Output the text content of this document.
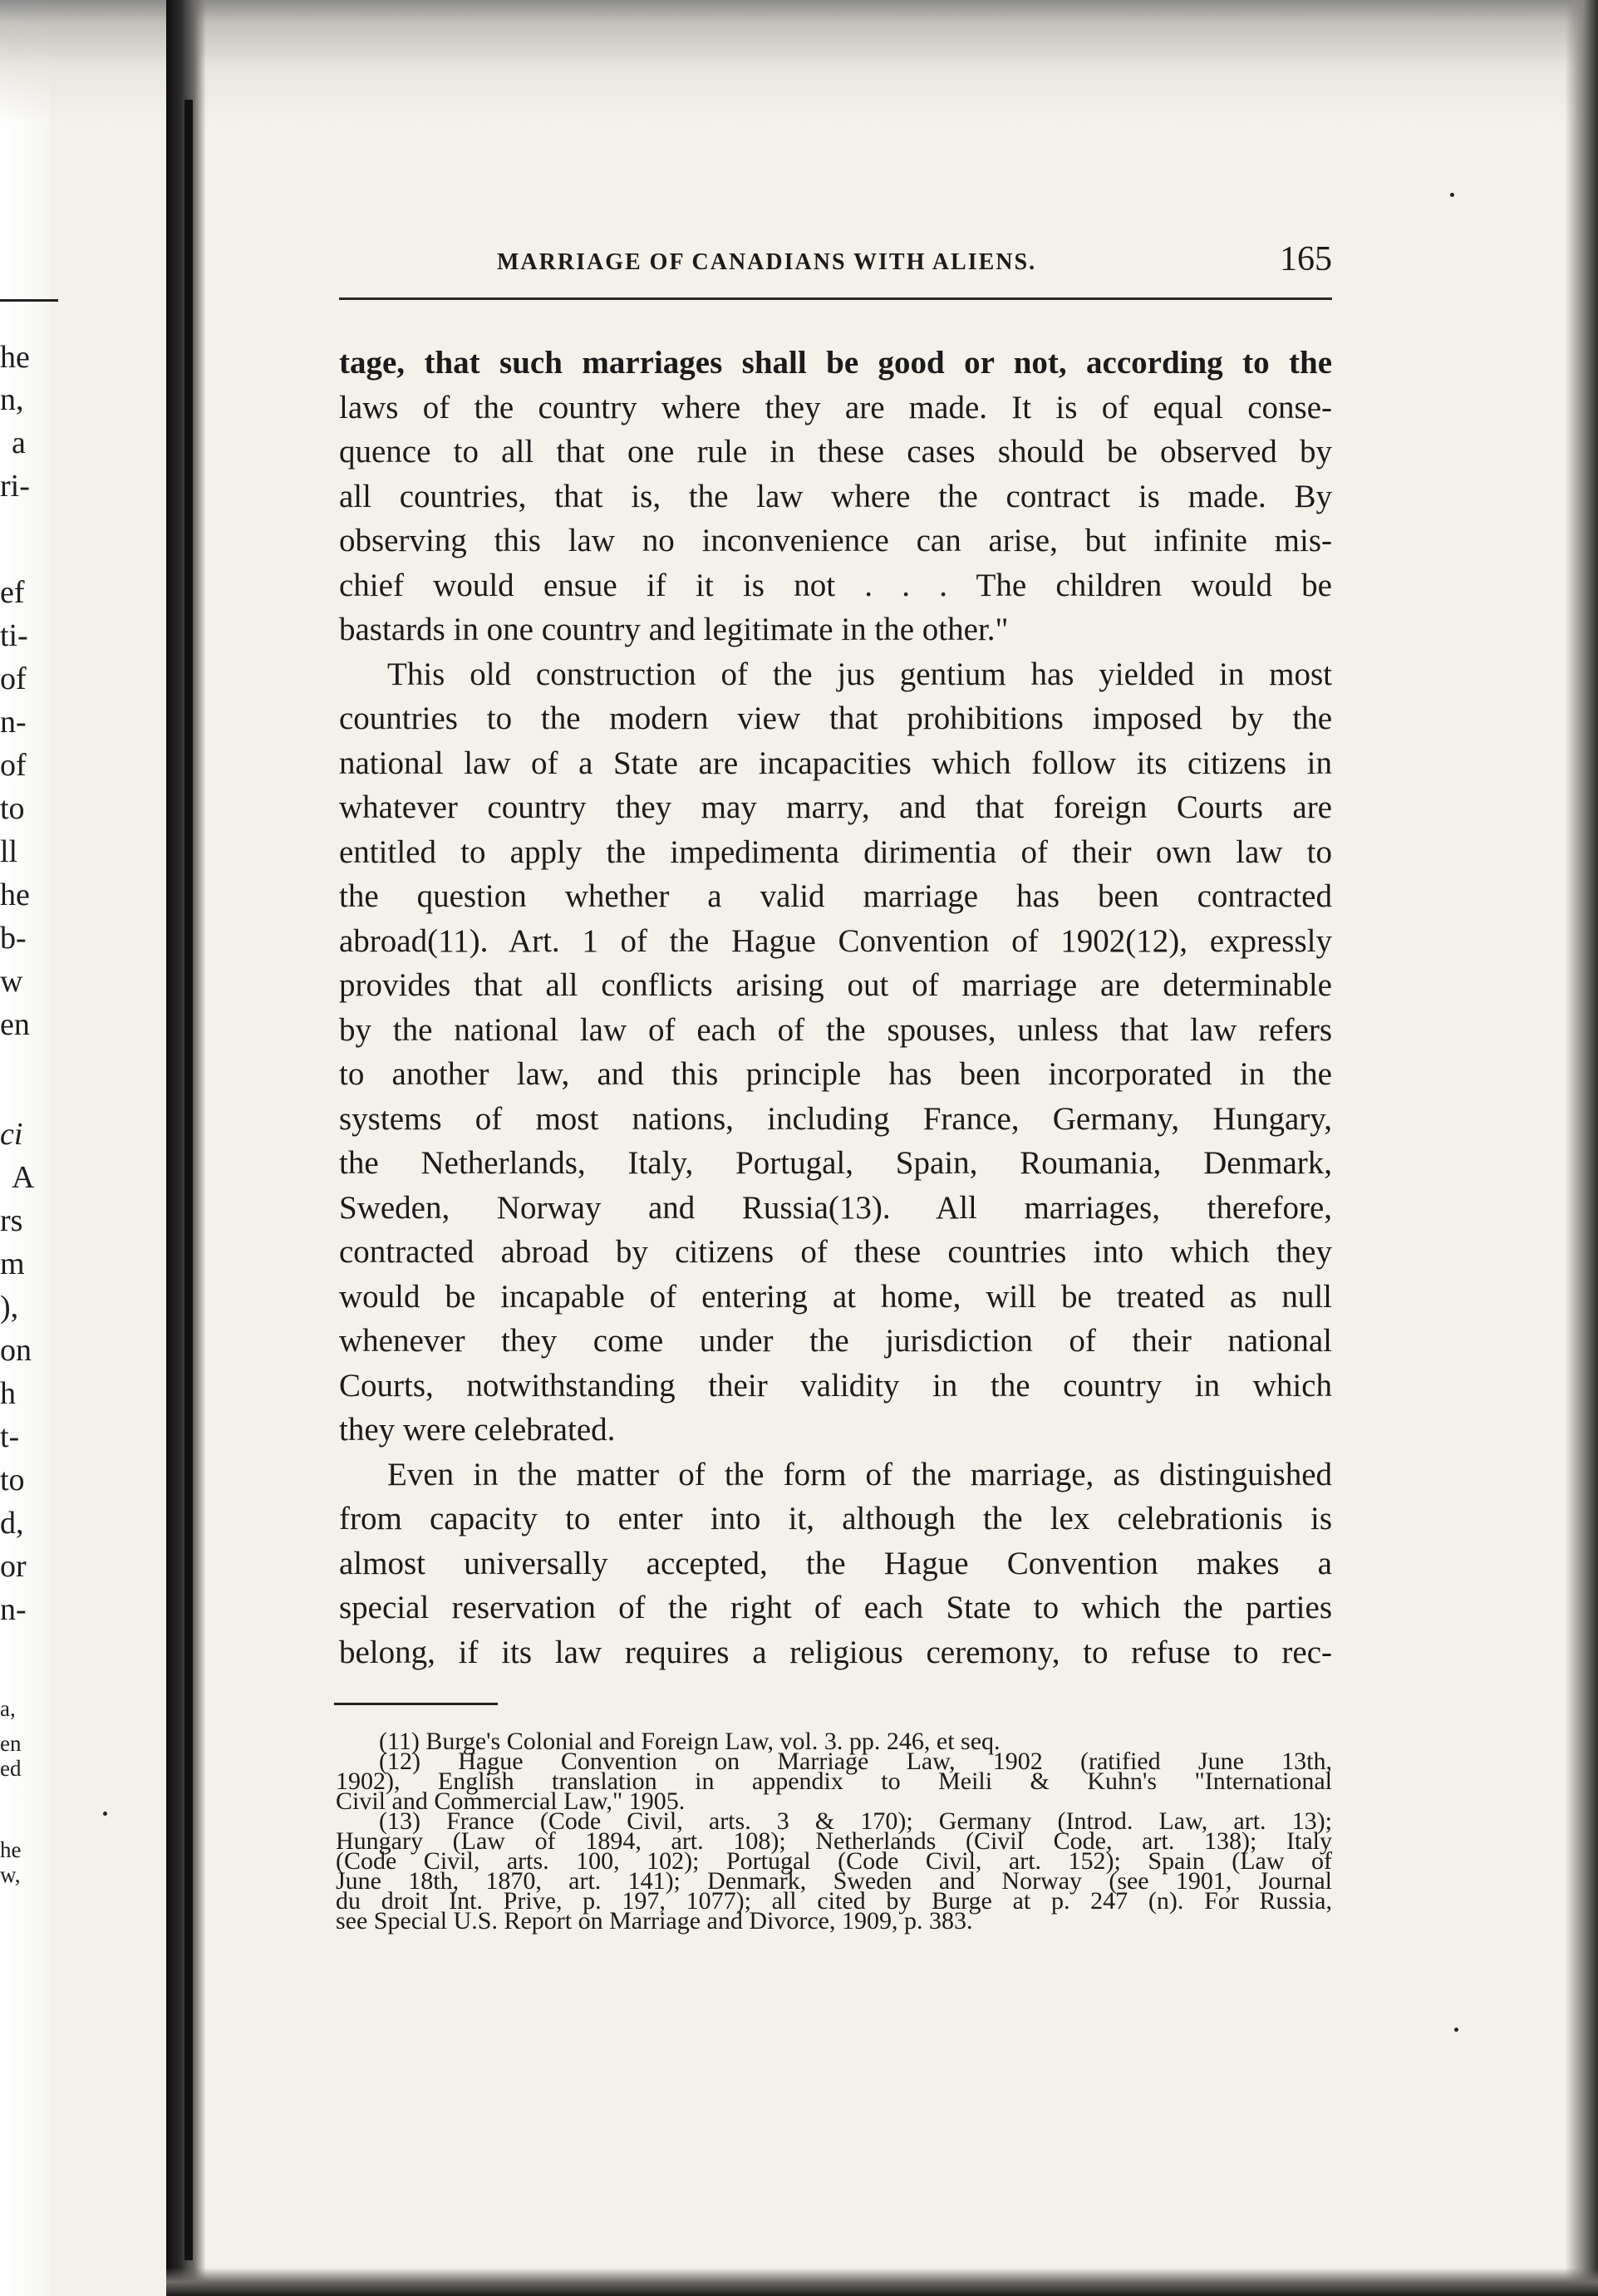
he
n,
a
ri-
ef
ti-
of
n-
of
to
ll
he
b-
w
en
ci
A
rs
m
),
on
h
t-
to
d,
or
n-
a,
en
ed
he
w,
MARRIAGE OF CANADIANS WITH ALIENS.	165

tage, that such marriages shall be good or not, according to the

laws of the country where they are made. It is of equal conse-

quence to all that one rule in these cases should be observed by

all countries, that is, the law where the contract is made. By

observing this law no inconvenience can arise, but infinite mis-

chief would ensue if it is not . . . The children would be

bastards in one country and legitimate in the other."

This old construction of the jus gentium has yielded in most

countries to the modern view that prohibitions imposed by the

national law of a State are incapacities which follow its citizens in

whatever country they may marry, and that foreign Courts are

entitled to apply the impedimenta dirimentia of their own law to

the question whether a valid marriage has been contracted

abroad(11). Art. 1 of the Hague Convention of 1902(12), expressly

provides that all conflicts arising out of marriage are determinable

by the national law of each of the spouses, unless that law refers

to another law, and this principle has been incorporated in the

systems of most nations, including France, Germany, Hungary,

the Netherlands, Italy, Portugal, Spain, Roumania, Denmark,

Sweden, Norway and Russia(13). All marriages, therefore,

contracted abroad by citizens of these countries into which they

would be incapable of entering at home, will be treated as null

whenever they come under the jurisdiction of their national

Courts, notwithstanding their validity in the country in which

they were celebrated.

Even in the matter of the form of the marriage, as distinguished

from capacity to enter into it, although the lex celebrationis is

almost universally accepted, the Hague Convention makes a

special reservation of the right of each State to which the parties

belong, if its law requires a religious ceremony, to refuse to rec-

(11) Burge's Colonial and Foreign Law, vol. 3. pp. 246, et seq.

(12) Hague Convention on Marriage Law, 1902 (ratified June 13th,

1902), English translation in appendix to Meili & Kuhn's "International

Civil and Commercial Law," 1905.

(13) France (Code Civil, arts. 3 & 170); Germany (Introd. Law, art. 13);

Hungary (Law of 1894, art. 108); Netherlands (Civil Code, art. 138); Italy

(Code Civil, arts. 100, 102); Portugal (Code Civil, art. 152); Spain (Law of

June 18th, 1870, art. 141); Denmark, Sweden and Norway (see 1901, Journal

du droit Int. Prive, p. 197, 1077); all cited by Burge at p. 247 (n). For Russia,

see Special U.S. Report on Marriage and Divorce, 1909, p. 383.
